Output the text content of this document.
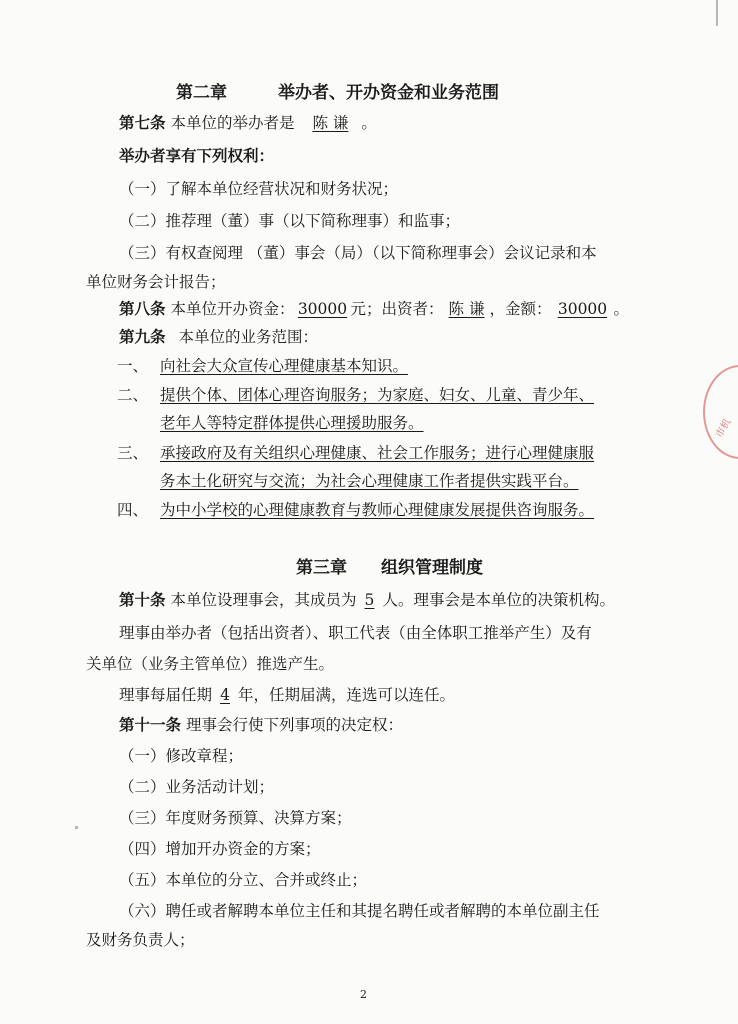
第二章　　　举办者、开办资金和业务范围
第七条 本单位的举办者是 陈 谦 。
举办者享有下列权利：
（一）了解本单位经营状况和财务状况；
（二）推荐理（董）事（以下简称理事）和监事；
（三）有权查阅理 （董）事会（局）（以下简称理事会）会议记录和本
单位财务会计报告；
第八条 本单位开办资金： 30000 元；出资者： 陈 谦 ，金额： 30000 。
第九条 本单位的业务范围：
一、 向社会大众宣传心理健康基本知识。
二、 提供个体、团体心理咨询服务；为家庭、妇女、儿童、青少年、
老年人等特定群体提供心理援助服务。
三、 承接政府及有关组织心理健康、社会工作服务；进行心理健康服
务本土化研究与交流；为社会心理健康工作者提供实践平台。
四、 为中小学校的心理健康教育与教师心理健康发展提供咨询服务。
第三章　　组织管理制度
第十条 本单位设理事会，其成员为 5 人。理事会是本单位的决策机构。
理事由举办者（包括出资者）、职工代表（由全体职工推举产生）及有
关单位（业务主管单位）推选产生。
理事每届任期 4 年，任期届满，连选可以连任。
第十一条 理事会行使下列事项的决定权：
（一）修改章程；
（二）业务活动计划；
（三）年度财务预算、决算方案；
（四）增加开办资金的方案；
（五）本单位的分立、合并或终止；
（六）聘任或者解聘本单位主任和其提名聘任或者解聘的本单位副主任
及财务负责人；
市机
2
